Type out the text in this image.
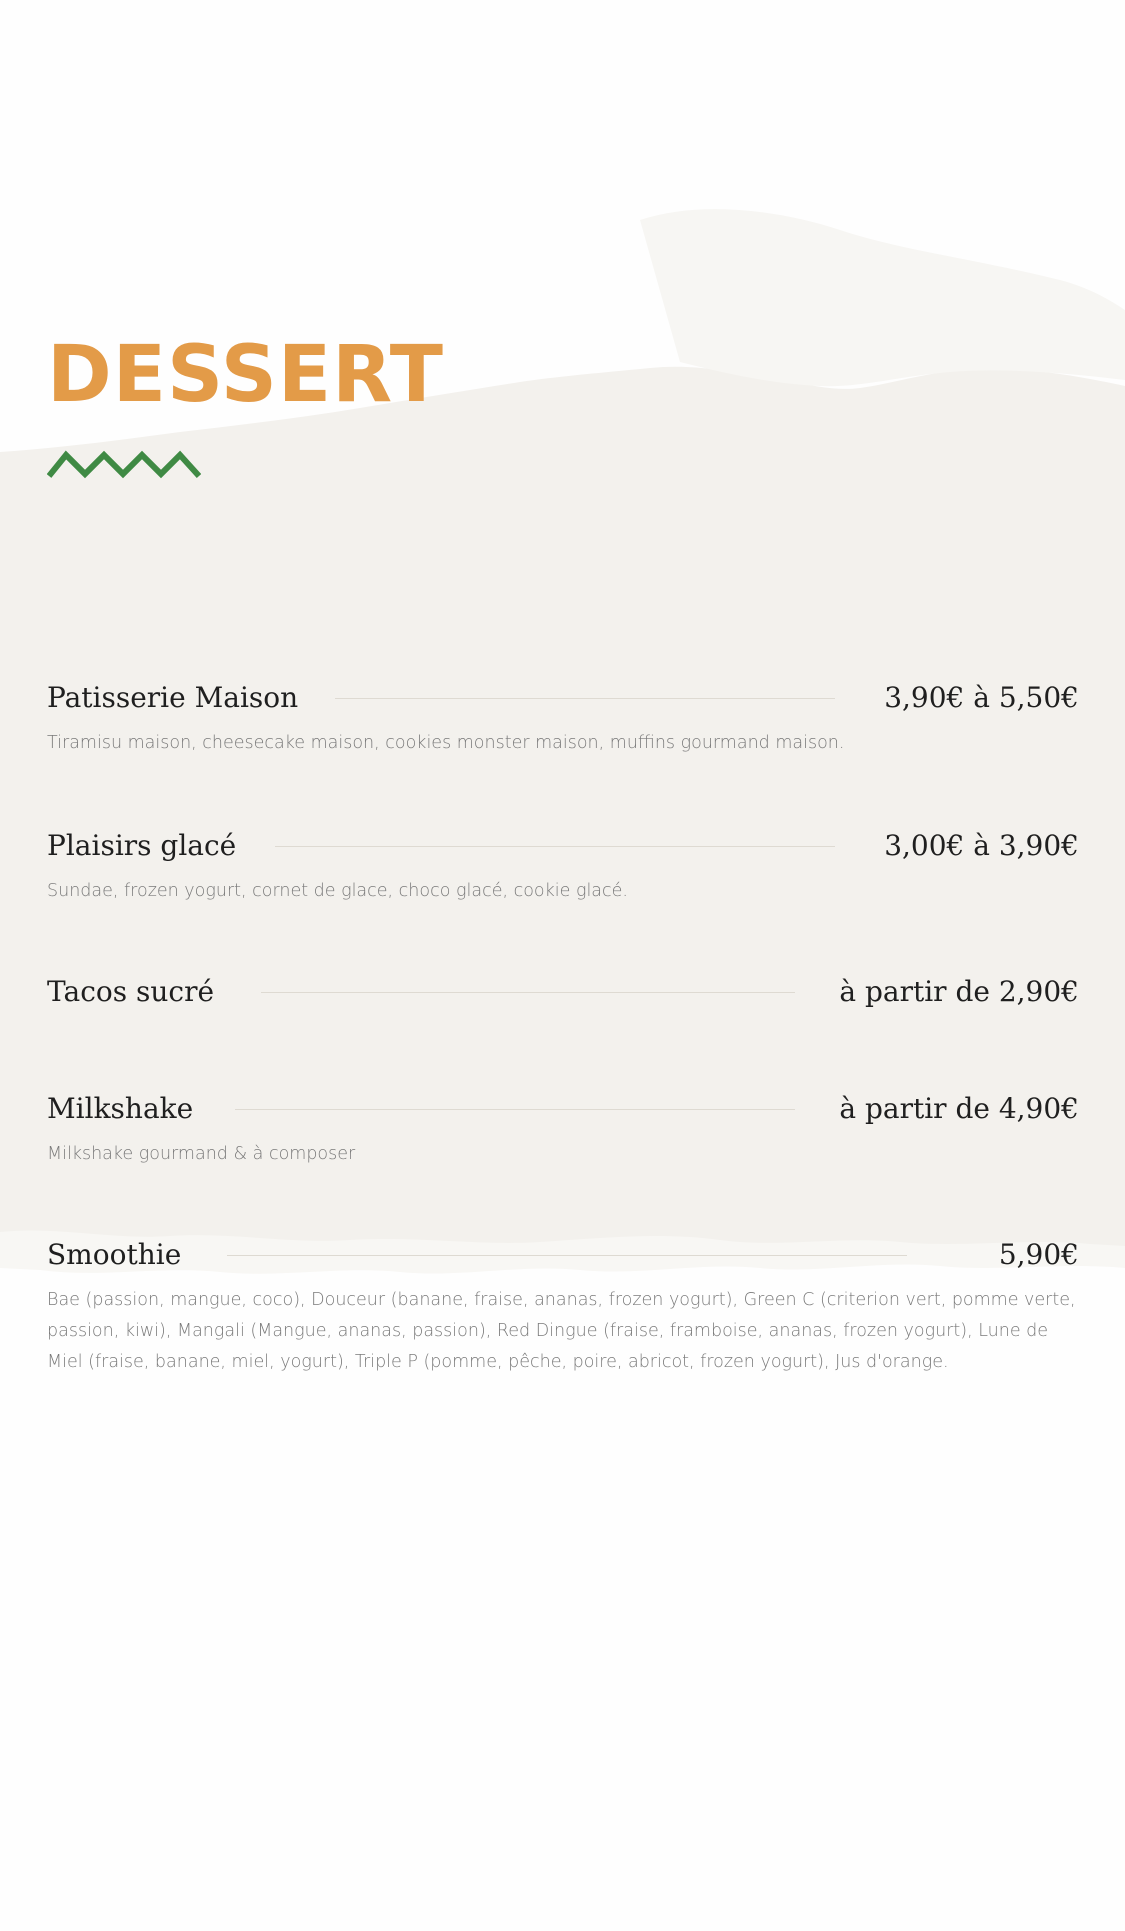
DESSERT
Patisserie Maison	3,90€ à 5,50€
Tiramisu maison, cheesecake maison, cookies monster maison, muffins gourmand maison.
Plaisirs glacé	3,00€ à 3,90€
Sundae, frozen yogurt, cornet de glace, choco glacé, cookie glacé.
Tacos sucré	à partir de 2,90€
Milkshake	à partir de 4,90€
Milkshake gourmand & à composer
Smoothie	5,90€
Bae (passion, mangue, coco), Douceur (banane, fraise, ananas, frozen yogurt), Green C (criterion vert, pomme verte, passion, kiwi), Mangali (Mangue, ananas, passion), Red Dingue (fraise, framboise, ananas, frozen yogurt), Lune de Miel (fraise, banane, miel, yogurt), Triple P (pomme, pêche, poire, abricot, frozen yogurt), Jus d'orange.
